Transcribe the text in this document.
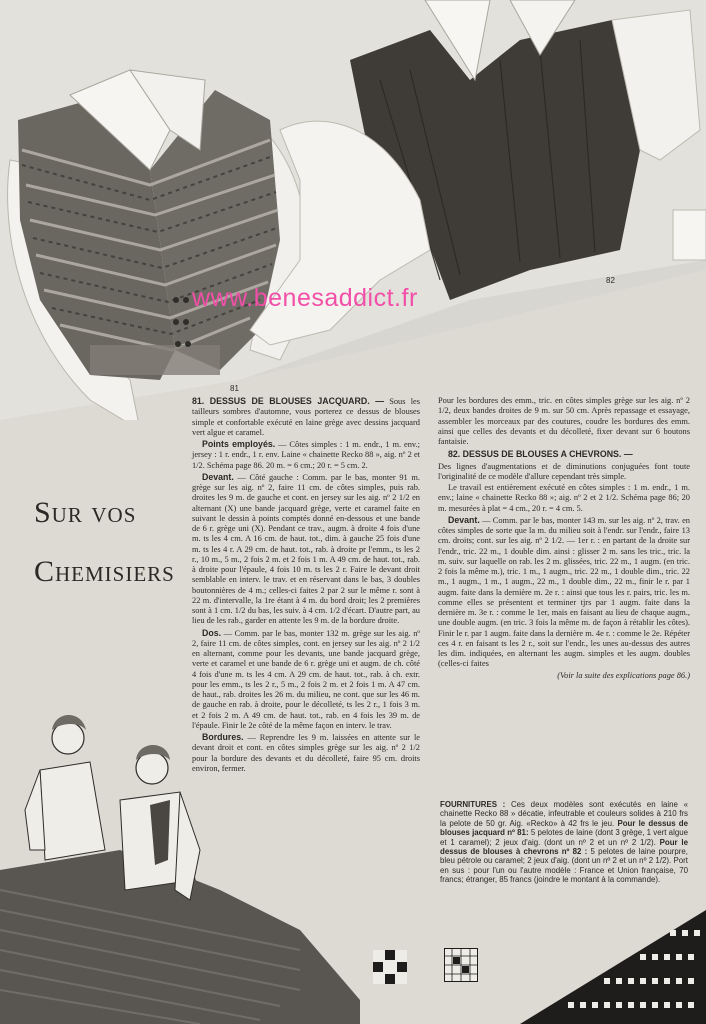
81
82
www.benesaddict.fr
Sur vos
Chemisiers

81. DESSUS DE BLOUSES JACQUARD. — Sous les tailleurs sombres d'automne, vous porterez ce dessus de blouses simple et confortable exécuté en laine grège avec dessins jacquard vert algue et caramel.

Points employés. — Côtes simples : 1 m. endr., 1 m. env.; jersey : 1 r. endr., 1 r. env. Laine « chainette Recko 88 », aig. nº 2 et 1/2. Schéma page 86. 20 m. = 6 cm.; 20 r. = 5 cm. 2.

Devant. — Côté gauche : Comm. par le bas, monter 91 m. grège sur les aig. nº 2, faire 11 cm. de côtes simples, puis rab. droites les 9 m. de gauche et cont. en jersey sur les aig. nº 2 1/2 en alternant (X) une bande jacquard grège, verte et caramel faite en suivant le dessin à points comptés donné en-dessous et une bande de 6 r. grège uni (X). Pendant ce trav., augm. à droite 4 fois d'une m. ts les 4 cm. A 16 cm. de haut. tot., dim. à gauche 25 fois d'une m. ts les 4 r. A 29 cm. de haut. tot., rab. à droite pr l'emm., ts les 2 r., 10 m., 5 m., 2 fois 2 m. et 2 fois 1 m. A 49 cm. de haut. tot., rab. à droite pour l'épaule, 4 fois 10 m. ts les 2 r. Faire le devant droit semblable en interv. le trav. et en réservant dans le bas, 3 doubles boutonnières de 4 m.; celles-ci faites 2 par 2 sur le même r. sont à 22 m. d'intervalle, la 1re étant à 4 m. du bord droit; les 2 premières sont à 1 cm. 1/2 du bas, les suiv. à 4 cm. 1/2 d'écart. D'autre part, au lieu de les rab., garder en attente les 9 m. de la bordure droite.

Dos. — Comm. par le bas, monter 132 m. grège sur les aig. nº 2, faire 11 cm. de côtes simples, cont. en jersey sur les aig. nº 2 1/2 en alternant, comme pour les devants, une bande jacquard grège, verte et caramel et une bande de 6 r. grège uni et augm. de ch. côté 4 fois d'une m. ts les 4 cm. A 29 cm. de haut. tot., rab. à ch. extr. pour les emm., ts les 2 r., 5 m., 2 fois 2 m. et 2 fois 1 m. A 47 cm. de haut., rab. droites les 26 m. du milieu, ne cont. que sur les 46 m. de gauche en rab. à droite, pour le décolleté, ts les 2 r., 1 fois 3 m. et 2 fois 2 m. A 49 cm. de haut. tot., rab. en 4 fois les 39 m. de l'épaule. Finir le 2e côté de la même façon en interv. le trav.

Bordures. — Reprendre les 9 m. laissées en attente sur le devant droit et cont. en côtes simples grège sur les aig. nº 2 1/2 pour la bordure des devants et du décolleté, faire 95 cm. droits environ, fermer.

Pour les bordures des emm., tric. en côtes simples grège sur les aig. nº 2 1/2, deux bandes droites de 9 m. sur 50 cm. Après repassage et essayage, assembler les morceaux par des coutures, coudre les bordures des emm. ainsi que celles des devants et du décolleté, fixer devant sur 6 boutons fantaisie.

82. DESSUS DE BLOUSES A CHEVRONS. —

Des lignes d'augmentations et de diminutions conjuguées font toute l'originalité de ce modèle d'allure cependant très simple.

Le travail est entièrement exécuté en côtes simples : 1 m. endr., 1 m. env.; laine « chainette Recko 88 »; aig. nº 2 et 2 1/2. Schéma page 86; 20 m. mesurées à plat = 4 cm., 20 r. = 4 cm. 5.

Devant. — Comm. par le bas, monter 143 m. sur les aig. nº 2, trav. en côtes simples de sorte que la m. du milieu soit à l'endr. sur l'endr., faire 13 cm. droits; cont. sur les aig. nº 2 1/2. — 1er r. : en partant de la droite sur l'endr., tric. 22 m., 1 double dim. ainsi : glisser 2 m. sans les tric., tric. la m. suiv. sur laquelle on rab. les 2 m. glissées, tric. 22 m., 1 augm. (en tric. 2 fois la même m.), tric. 1 m., 1 augm., tric. 22 m., 1 double dim., tric. 22 m., 1 augm., 1 m., 1 augm., 22 m., 1 double dim., 22 m., finir le r. par 1 augm. faite dans la dernière m. 2e r. : ainsi que tous les r. pairs, tric. les m. comme elles se présentent et terminer tjrs par 1 augm. faite dans la dernière m. 3e r. : comme le 1er, mais en faisant au lieu de chaque augm., une double augm. (en tric. 3 fois la même m. de façon à rétablir les côtes). Finir le r. par 1 augm. faite dans la dernière m. 4e r. : comme le 2e. Répéter ces 4 r. en faisant ts les 2 r., soit sur l'endr., les unes au-dessus des autres les dim. indiquées, en alternant les augm. simples et les augm. doubles (celles-ci faites

(Voir la suite des explications page 86.)

FOURNITURES : Ces deux modèles sont exécutés en laine « chainette Recko 88 » décatie, infeutrable et couleurs solides à 210 frs la pelote de 50 gr. Aig. «Recko» à 42 frs le jeu. Pour le dessus de blouses jacquard nº 81: 5 pelotes de laine (dont 3 grège, 1 vert algue et 1 caramel); 2 jeux d'aig. (dont un nº 2 et un nº 2 1/2). Pour le dessus de blouses à chevrons nº 82 : 5 pelotes de laine pourpre, bleu pétrole ou caramel; 2 jeux d'aig. (dont un nº 2 et un nº 2 1/2). Port en sus : pour l'un ou l'autre modèle : France et Union française, 70 francs; étranger, 85 francs (joindre le montant à la commande).
